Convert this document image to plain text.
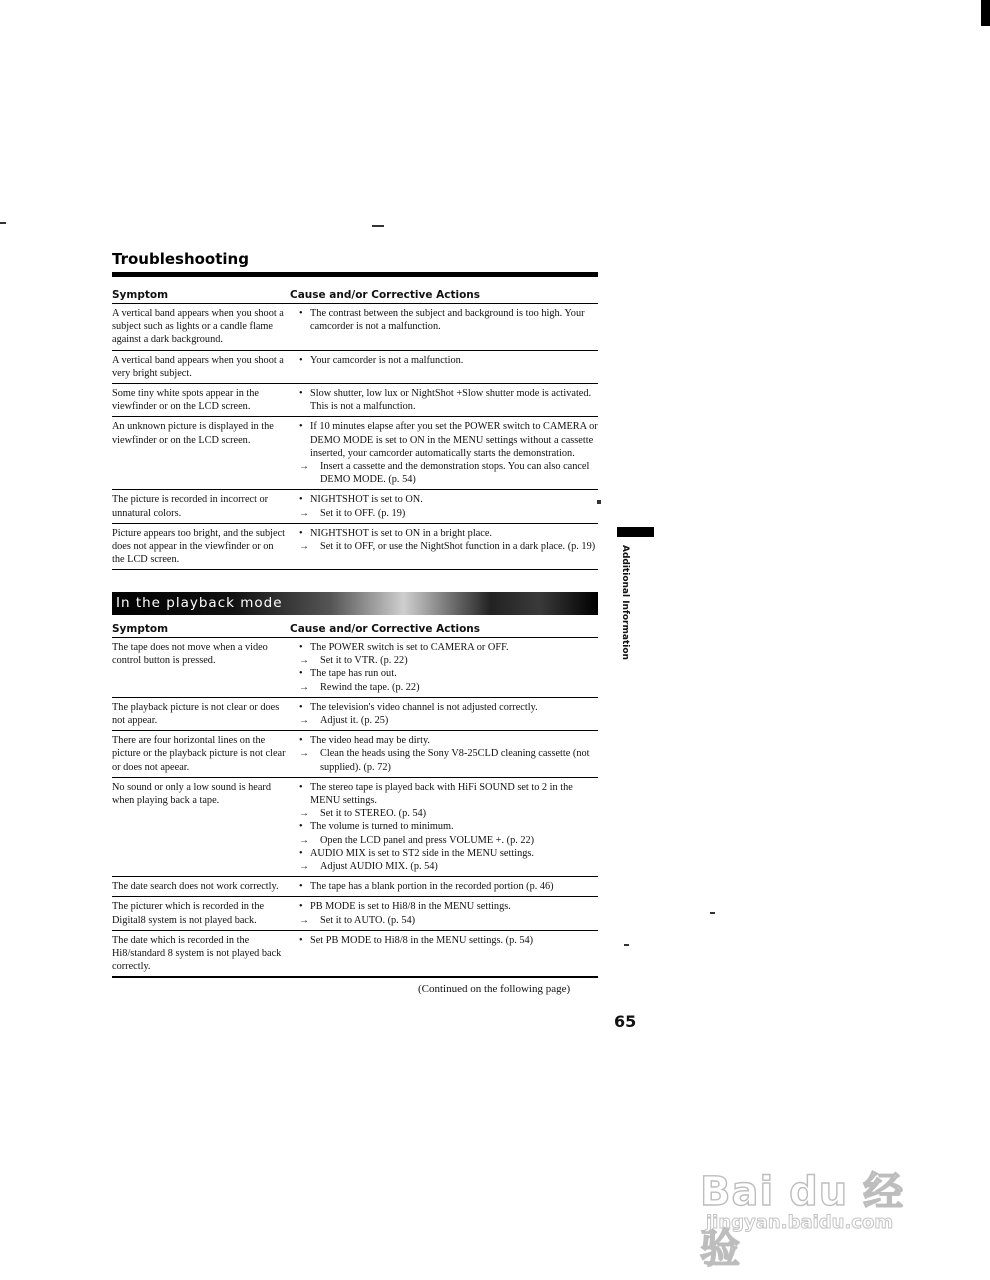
Troubleshooting
Symptom	Cause and/or Corrective Actions
A vertical band appears when you shoot a subject such as lights or a candle flame against a dark background.
• The contrast between the subject and background is too high. Your camcorder is not a malfunction.
A vertical band appears when you shoot a very bright subject.
• Your camcorder is not a malfunction.
Some tiny white spots appear in the viewfinder or on the LCD screen.
• Slow shutter, low lux or NightShot +Slow shutter mode is activated. This is not a malfunction.
An unknown picture is displayed in the viewfinder or on the LCD screen.
• If 10 minutes elapse after you set the POWER switch to CAMERA or DEMO MODE is set to ON in the MENU settings without a cassette inserted, your camcorder automatically starts the demonstration.
→	Insert a cassette and the demonstration stops. You can also cancel DEMO MODE. (p. 54)
The picture is recorded in incorrect or unnatural colors.
• NIGHTSHOT is set to ON.
→	Set it to OFF. (p. 19)
Picture appears too bright, and the subject does not appear in the viewfinder or on the LCD screen.
• NIGHTSHOT is set to ON in a bright place.
→	Set it to OFF, or use the NightShot function in a dark place. (p. 19)
In the playback mode
Symptom	Cause and/or Corrective Actions
The tape does not move when a video control button is pressed.
• The POWER switch is set to CAMERA or OFF.
→	Set it to VTR. (p. 22)
• The tape has run out.
→	Rewind the tape. (p. 22)
The playback picture is not clear or does not appear.
• The television's video channel is not adjusted correctly.
→	Adjust it. (p. 25)
There are four horizontal lines on the picture or the playback picture is not clear or does not apeear.
• The video head may be dirty.
→	Clean the heads using the Sony V8-25CLD cleaning cassette (not supplied). (p. 72)
No sound or only a low sound is heard when playing back a tape.
• The stereo tape is played back with HiFi SOUND set to 2 in the MENU settings.
→	Set it to STEREO. (p. 54)
• The volume is turned to minimum.
→	Open the LCD panel and press VOLUME +. (p. 22)
• AUDIO MIX is set to ST2 side in the MENU settings.
→	Adjust AUDIO MIX. (p. 54)
The date search does not work correctly.
•	The tape has a blank portion in the recorded portion (p. 46)
The picturer which is recorded in the Digital8 system is not played back.
• PB MODE is set to Hi8/8 in the MENU settings.
→	Set it to AUTO. (p. 54)
The date which is recorded in the Hi8/standard 8 system is not played back correctly.
• Set PB MODE to Hi8/8 in the MENU settings. (p. 54)
Additional Information
(Continued on the following page)
65
Bai du 经验
jingyan.baidu.com
